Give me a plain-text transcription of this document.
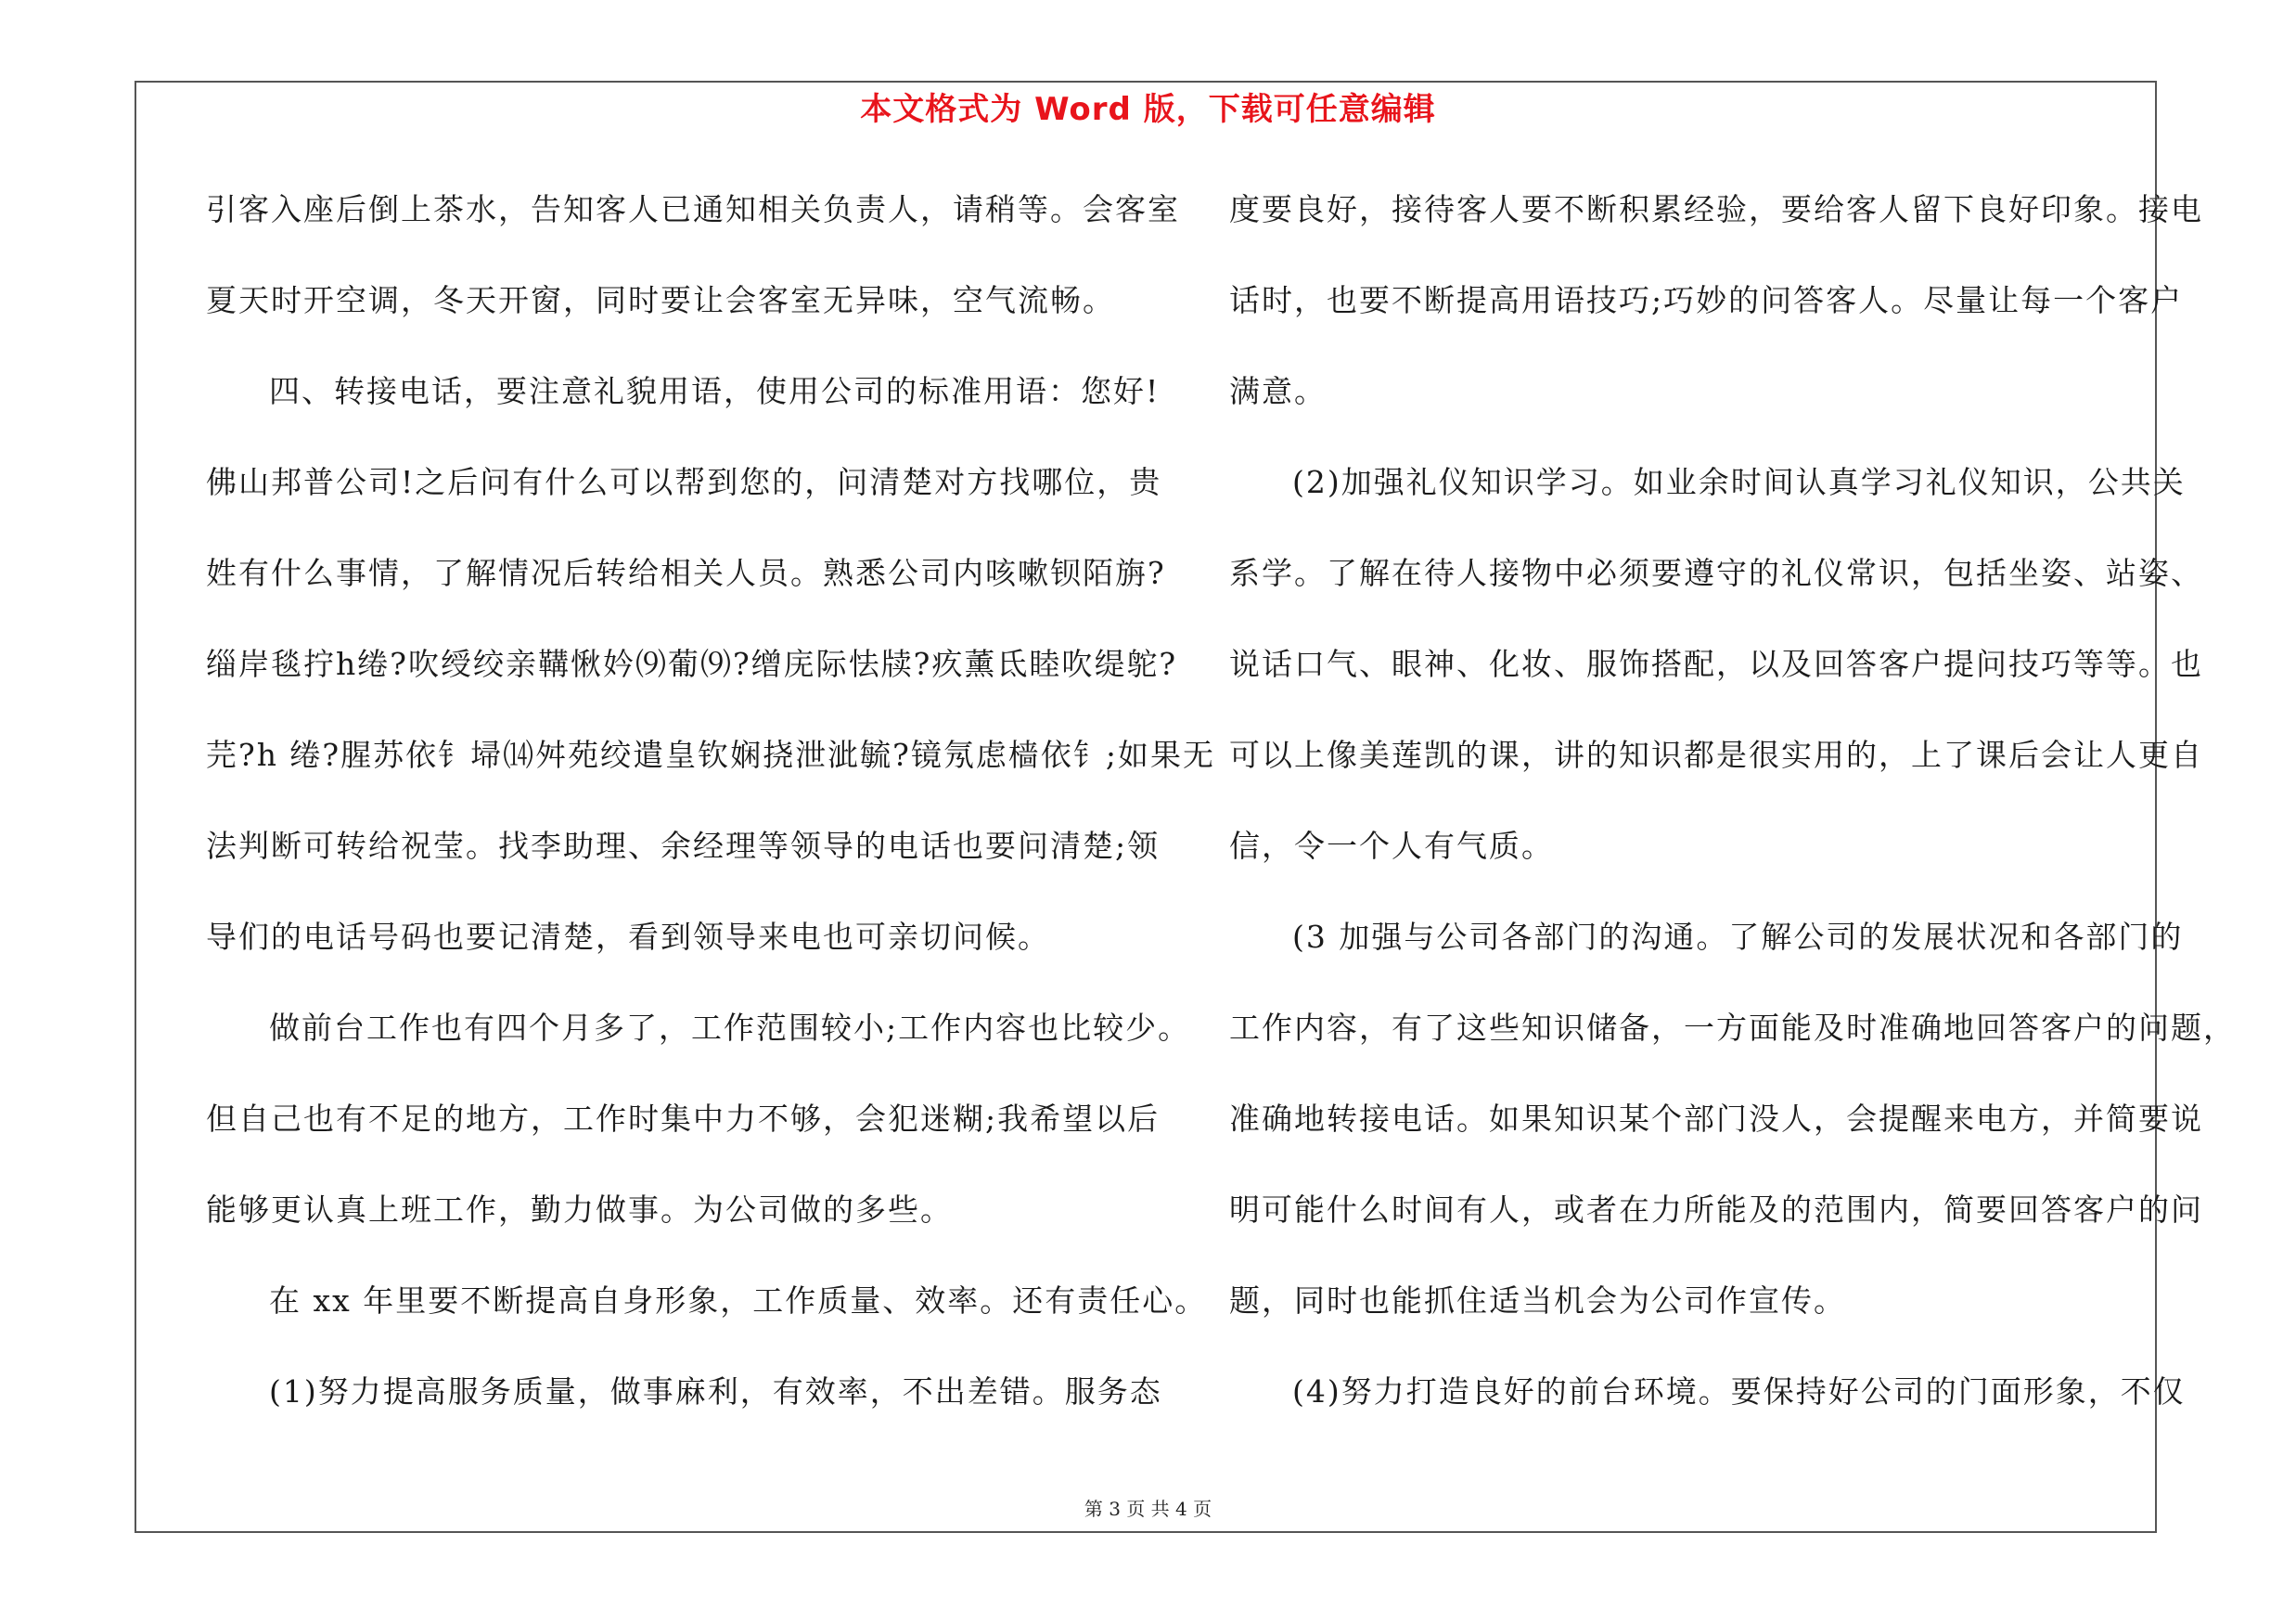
本文格式为 Word 版，下载可任意编辑
引客入座后倒上茶水，告知客人已通知相关负责人，请稍等。会客室
夏天时开空调，冬天开窗，同时要让会客室无异味，空气流畅。
四、转接电话，要注意礼貌用语，使用公司的标准用语：您好!
佛山邦普公司!之后问有什么可以帮到您的，问清楚对方找哪位，贵
姓有什么事情，了解情况后转给相关人员。熟悉公司内咳嗽钡陌旃?
缁岸毯拧h绻?吹绶绞亲鞲愀妗⑼葡⑼?缯庑际怯牍?疚薰氐睦吹缇鸵?
芫?h 绻?腥苏依钅埽⒁舛苑绞遣皇钦娴挠泄泚毓?镜氖虑樯依钅;如果无
法判断可转给祝莹。找李助理、余经理等领导的电话也要问清楚;领
导们的电话号码也要记清楚，看到领导来电也可亲切问候。
做前台工作也有四个月多了，工作范围较小;工作内容也比较少。
但自己也有不足的地方，工作时集中力不够，会犯迷糊;我希望以后
能够更认真上班工作，勤力做事。为公司做的多些。
在 xx 年里要不断提高自身形象，工作质量、效率。还有责任心。
(1)努力提高服务质量，做事麻利，有效率，不出差错。服务态
度要良好，接待客人要不断积累经验，要给客人留下良好印象。接电
话时，也要不断提高用语技巧;巧妙的问答客人。尽量让每一个客户
满意。
(2)加强礼仪知识学习。如业余时间认真学习礼仪知识，公共关
系学。了解在待人接物中必须要遵守的礼仪常识，包括坐姿、站姿、
说话口气、眼神、化妆、服饰搭配，以及回答客户提问技巧等等。也
可以上像美莲凯的课，讲的知识都是很实用的，上了课后会让人更自
信，令一个人有气质。
(3 加强与公司各部门的沟通。了解公司的发展状况和各部门的
工作内容，有了这些知识储备，一方面能及时准确地回答客户的问题，
准确地转接电话。如果知识某个部门没人，会提醒来电方，并简要说
明可能什么时间有人，或者在力所能及的范围内，简要回答客户的问
题，同时也能抓住适当机会为公司作宣传。
(4)努力打造良好的前台环境。要保持好公司的门面形象，不仅
第 3 页 共 4 页
